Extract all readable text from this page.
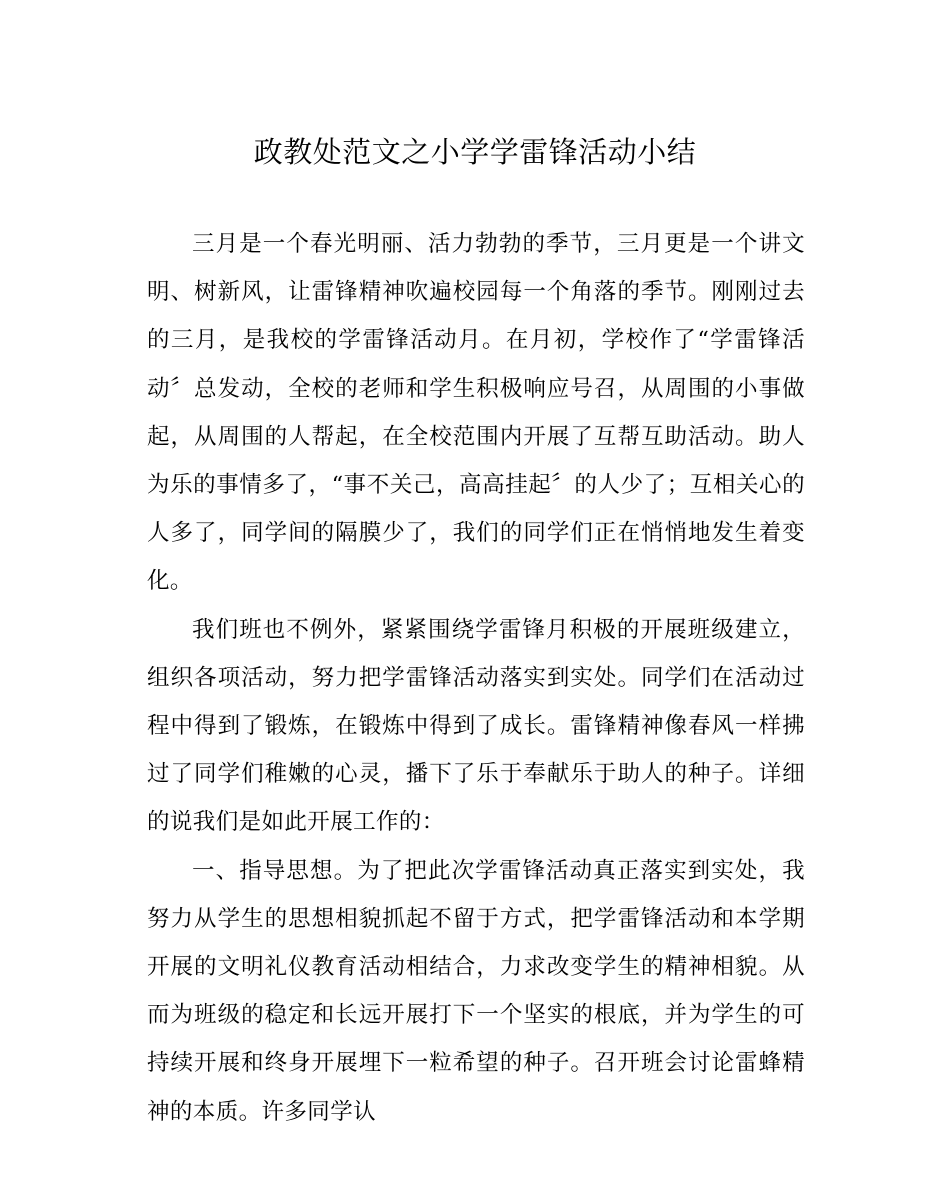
政教处范文之小学学雷锋活动小结

三月是一个春光明丽、活力勃勃的季节，三月更是一个讲文明、树新风，让雷锋精神吹遍校园每一个角落的季节。刚刚过去的三月，是我校的学雷锋活动月。在月初，学校作了“学雷锋活动〞总发动，全校的老师和学生积极响应号召，从周围的小事做起，从周围的人帮起，在全校范围内开展了互帮互助活动。助人为乐的事情多了，“事不关己，高高挂起〞的人少了；互相关心的人多了，同学间的隔膜少了，我们的同学们正在悄悄地发生着变化。

我们班也不例外，紧紧围绕学雷锋月积极的开展班级建立，组织各项活动，努力把学雷锋活动落实到实处。同学们在活动过程中得到了锻炼，在锻炼中得到了成长。雷锋精神像春风一样拂过了同学们稚嫩的心灵，播下了乐于奉献乐于助人的种子。详细的说我们是如此开展工作的：

一、指导思想。为了把此次学雷锋活动真正落实到实处，我努力从学生的思想相貌抓起不留于方式，把学雷锋活动和本学期开展的文明礼仪教育活动相结合，力求改变学生的精神相貌。从而为班级的稳定和长远开展打下一个坚实的根底，并为学生的可持续开展和终身开展埋下一粒希望的种子。召开班会讨论雷蜂精神的本质。许多同学认
